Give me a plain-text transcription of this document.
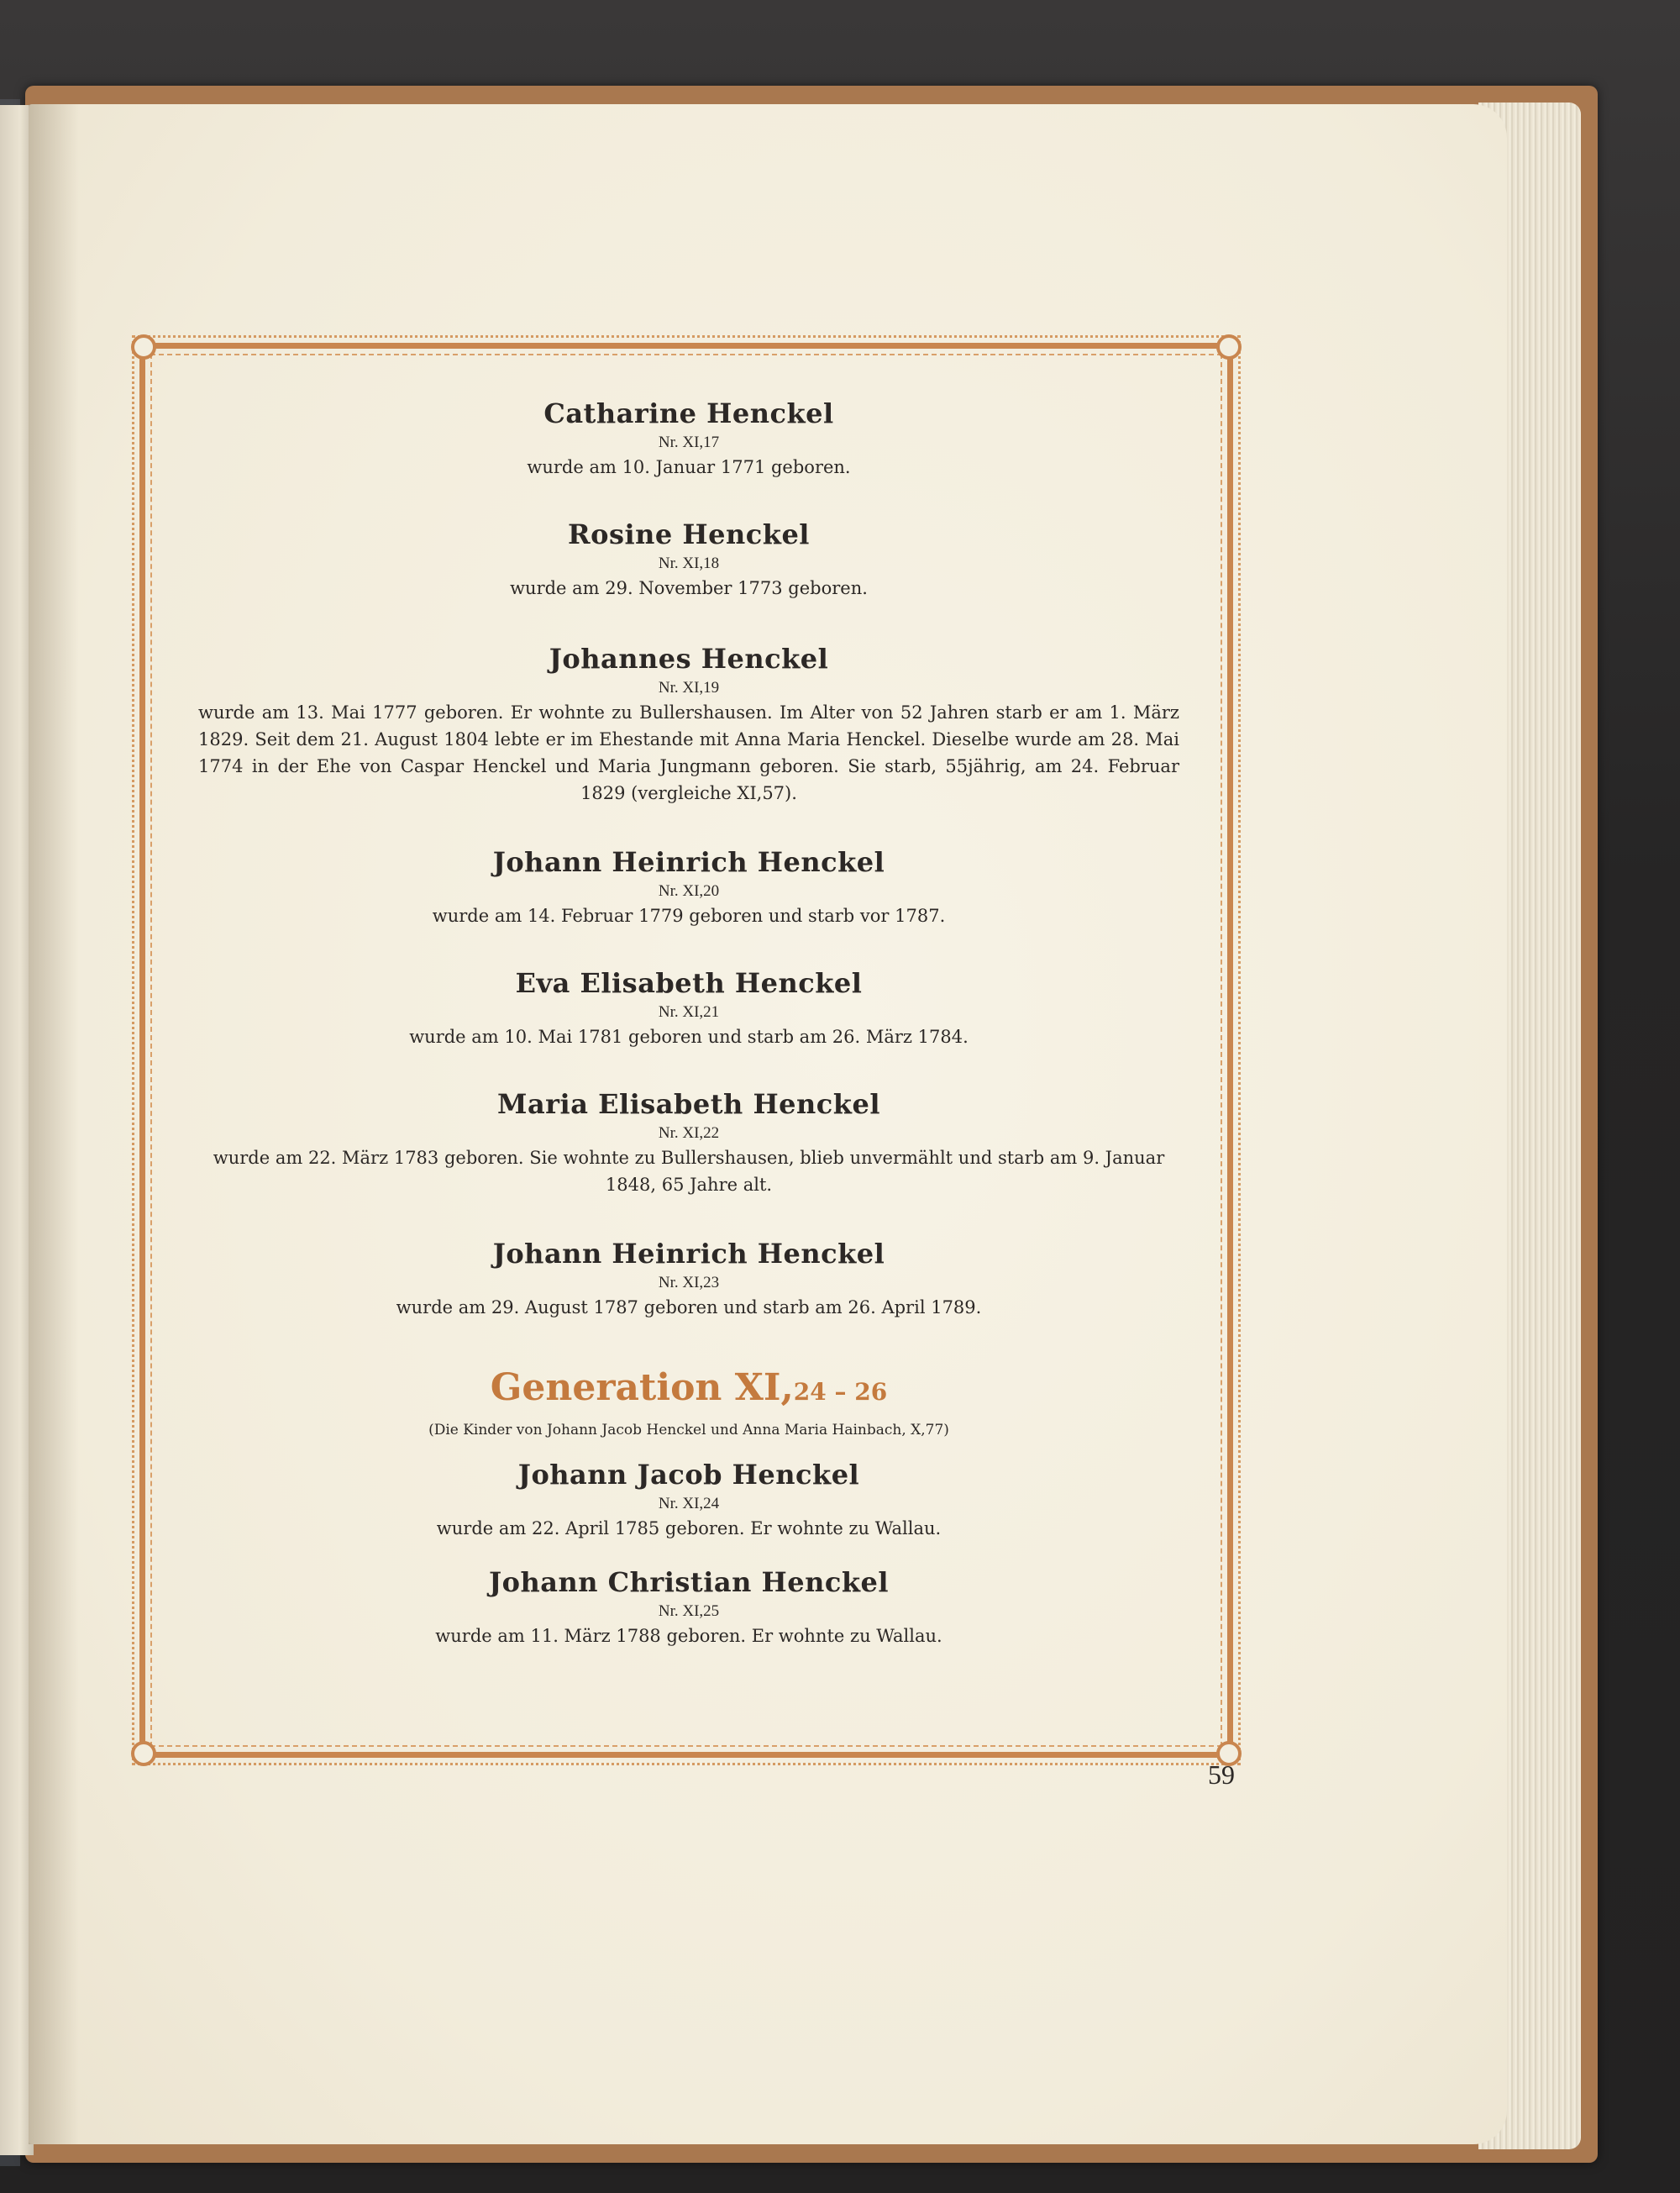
Catharine Henckel
Nr. XI,17
wurde am 10. Januar 1771 geboren.
Rosine Henckel
Nr. XI,18
wurde am 29. November 1773 geboren.
Johannes Henckel
Nr. XI,19
wurde am 13. Mai 1777 geboren. Er wohnte zu Bullershausen. Im Alter von 52 Jahren starb er am 1. März 1829. Seit dem 21. August 1804 lebte er im Ehestande mit Anna Maria Henckel. Dieselbe wurde am 28. Mai 1774 in der Ehe von Caspar Henckel und Maria Jungmann geboren. Sie starb, 55jährig, am 24. Februar 1829 (vergleiche XI,57).
Johann Heinrich Henckel
Nr. XI,20
wurde am 14. Februar 1779 geboren und starb vor 1787.
Eva Elisabeth Henckel
Nr. XI,21
wurde am 10. Mai 1781 geboren und starb am 26. März 1784.
Maria Elisabeth Henckel
Nr. XI,22
wurde am 22. März 1783 geboren. Sie wohnte zu Bullershausen, blieb unvermählt und starb am 9. Januar 1848, 65 Jahre alt.
Johann Heinrich Henckel
Nr. XI,23
wurde am 29. August 1787 geboren und starb am 26. April 1789.
Generation XI,24 – 26
(Die Kinder von Johann Jacob Henckel und Anna Maria Hainbach, X,77)
Johann Jacob Henckel
Nr. XI,24
wurde am 22. April 1785 geboren. Er wohnte zu Wallau.
Johann Christian Henckel
Nr. XI,25
wurde am 11. März 1788 geboren. Er wohnte zu Wallau.
59
